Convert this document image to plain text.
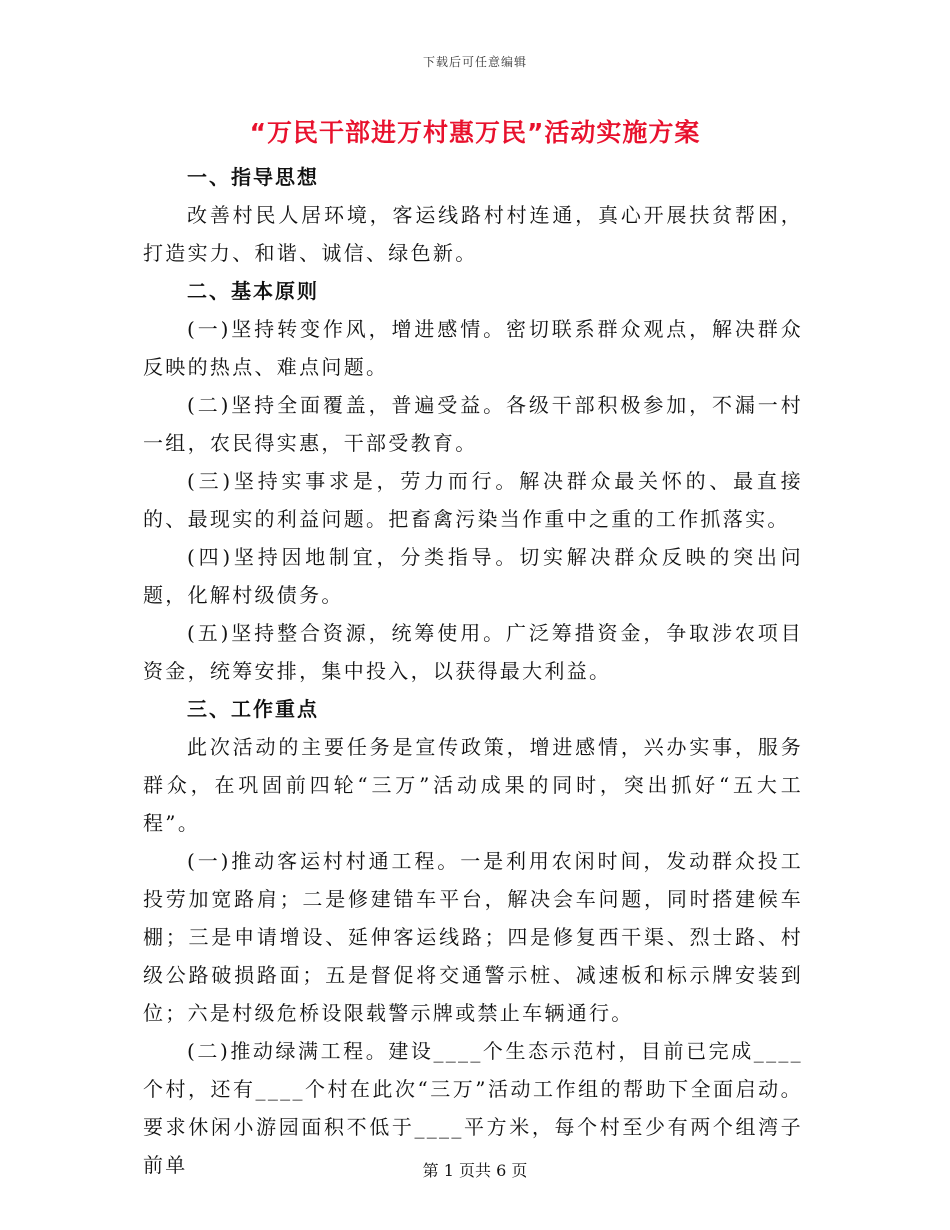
下载后可任意编辑
“万民干部进万村惠万民”活动实施方案
一、指导思想

改善村民人居环境，客运线路村村连通，真心开展扶贫帮困，打造实力、和谐、诚信、绿色新。

二、基本原则

(一)坚持转变作风，增进感情。密切联系群众观点，解决群众反映的热点、难点问题。

(二)坚持全面覆盖，普遍受益。各级干部积极参加，不漏一村一组，农民得实惠，干部受教育。

(三)坚持实事求是，劳力而行。解决群众最关怀的、最直接的、最现实的利益问题。把畜禽污染当作重中之重的工作抓落实。

(四)坚持因地制宜，分类指导。切实解决群众反映的突出问题，化解村级债务。

(五)坚持整合资源，统筹使用。广泛筹措资金，争取涉农项目资金，统筹安排，集中投入，以获得最大利益。

三、工作重点

此次活动的主要任务是宣传政策，增进感情，兴办实事，服务群众，在巩固前四轮“三万”活动成果的同时，突出抓好“五大工程”。

(一)推动客运村村通工程。一是利用农闲时间，发动群众投工投劳加宽路肩；二是修建错车平台，解决会车问题，同时搭建候车棚；三是申请增设、延伸客运线路；四是修复西干渠、烈士路、村级公路破损路面；五是督促将交通警示桩、减速板和标示牌安装到位；六是村级危桥设限载警示牌或禁止车辆通行。

(二)推动绿满工程。建设____个生态示范村，目前已完成____个村，还有____个村在此次“三万”活动工作组的帮助下全面启动。要求休闲小游园面积不低于____平方米，每个村至少有两个组湾子前单	第 1 页共 6 页
